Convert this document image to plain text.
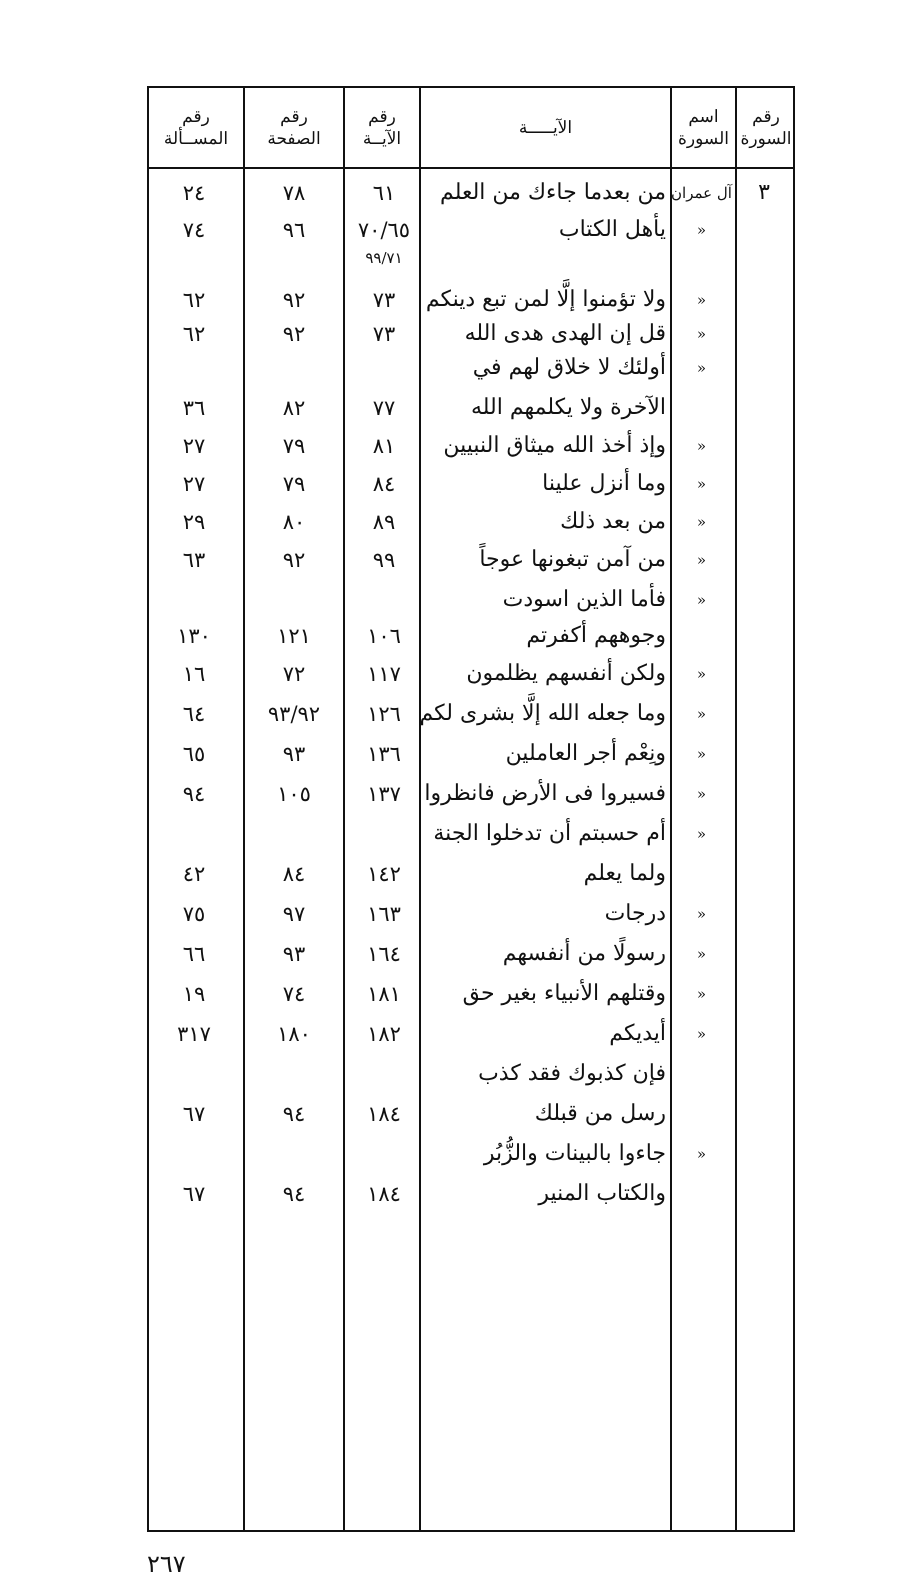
رقم
المســألة
رقم
الصفحة
رقم
الآيــة
الآيـــــة
اسم
السورة
رقم
السورة
٣
آل عمران
من بعدما جاءك من العلم
٦١
٧٨
٢٤
«
يأهل الكتاب
٧٠/٦٥
٩٦
٧٤
٩٩/٧١
«
ولا تؤمنوا إلَّا لمن تبع دينكم
٧٣
٩٢
٦٢
«
قل إن الهدى هدى الله
٧٣
٩٢
٦٢
«
أولئك لا خلاق لهم في
الآخرة ولا يكلمهم الله
٧٧
٨٢
٣٦
«
وإذ أخذ الله ميثاق النبيين
٨١
٧٩
٢٧
«
وما أنزل علينا
٨٤
٧٩
٢٧
«
من بعد ذلك
٨٩
٨٠
٢٩
«
من آمن تبغونها عوجاً
٩٩
٩٢
٦٣
«
فأما الذين اسودت
وجوههم أكفرتم
١٠٦
١٢١
١٣٠
«
ولكن أنفسهم يظلمون
١١٧
٧٢
١٦
«
وما جعله الله إلَّا بشرى لكم
١٢٦
٩٣/٩٢
٦٤
«
ونِعْم أجر العاملين
١٣٦
٩٣
٦٥
«
فسيروا فى الأرض فانظروا
١٣٧
١٠٥
٩٤
«
أم حسبتم أن تدخلوا الجنة
ولما يعلم
١٤٢
٨٤
٤٢
«
درجات
١٦٣
٩٧
٧٥
«
رسولًا من أنفسهم
١٦٤
٩٣
٦٦
«
وقتلهم الأنبياء بغير حق
١٨١
٧٤
١٩
«
أيديكم
١٨٢
١٨٠
٣١٧
فإن كذبوك فقد كذب
رسل من قبلك
١٨٤
٩٤
٦٧
«
جاءوا بالبينات والزُّبُر
والكتاب المنير
١٨٤
٩٤
٦٧
٢٦٧
